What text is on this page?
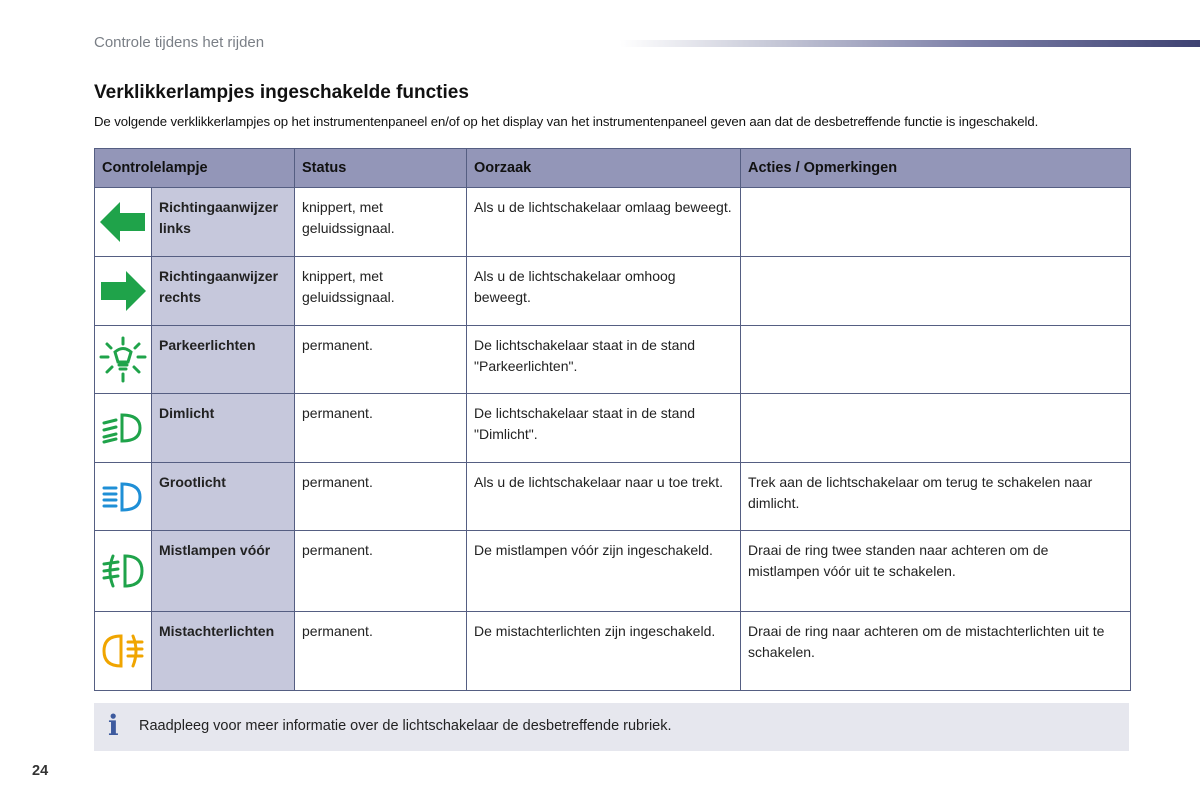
Controle tijdens het rijden
Verklikkerlampjes ingeschakelde functies
De volgende verklikkerlampjes op het instrumentenpaneel en/of op het display van het instrumentenpaneel geven aan dat de desbetreffende functie is ingeschakeld.
Controlelampje		Status	Oorzaak	Acties / Opmerkingen

	Richtingaanwijzer links	knippert, met geluidssignaal.	Als u de lichtschakelaar omlaag beweegt.	

	Richtingaanwijzer rechts	knippert, met geluidssignaal.	Als u de lichtschakelaar omhoog beweegt.	

	Parkeerlichten	permanent.	De lichtschakelaar staat in de stand "Parkeerlichten".	

	Dimlicht	permanent.	De lichtschakelaar staat in de stand "Dimlicht".	

	Grootlicht	permanent.	Als u de lichtschakelaar naar u toe trekt.	Trek aan de lichtschakelaar om terug te schakelen naar dimlicht.

	Mistlampen vóór	permanent.	De mistlampen vóór zijn ingeschakeld.	Draai de ring twee standen naar achteren om de mistlampen vóór uit te schakelen.

	Mistachterlichten	permanent.	De mistachterlichten zijn ingeschakeld.	Draai de ring naar achteren om de mistachterlichten uit te schakelen.
i Raadpleeg voor meer informatie over de lichtschakelaar de desbetreffende rubriek.
24
